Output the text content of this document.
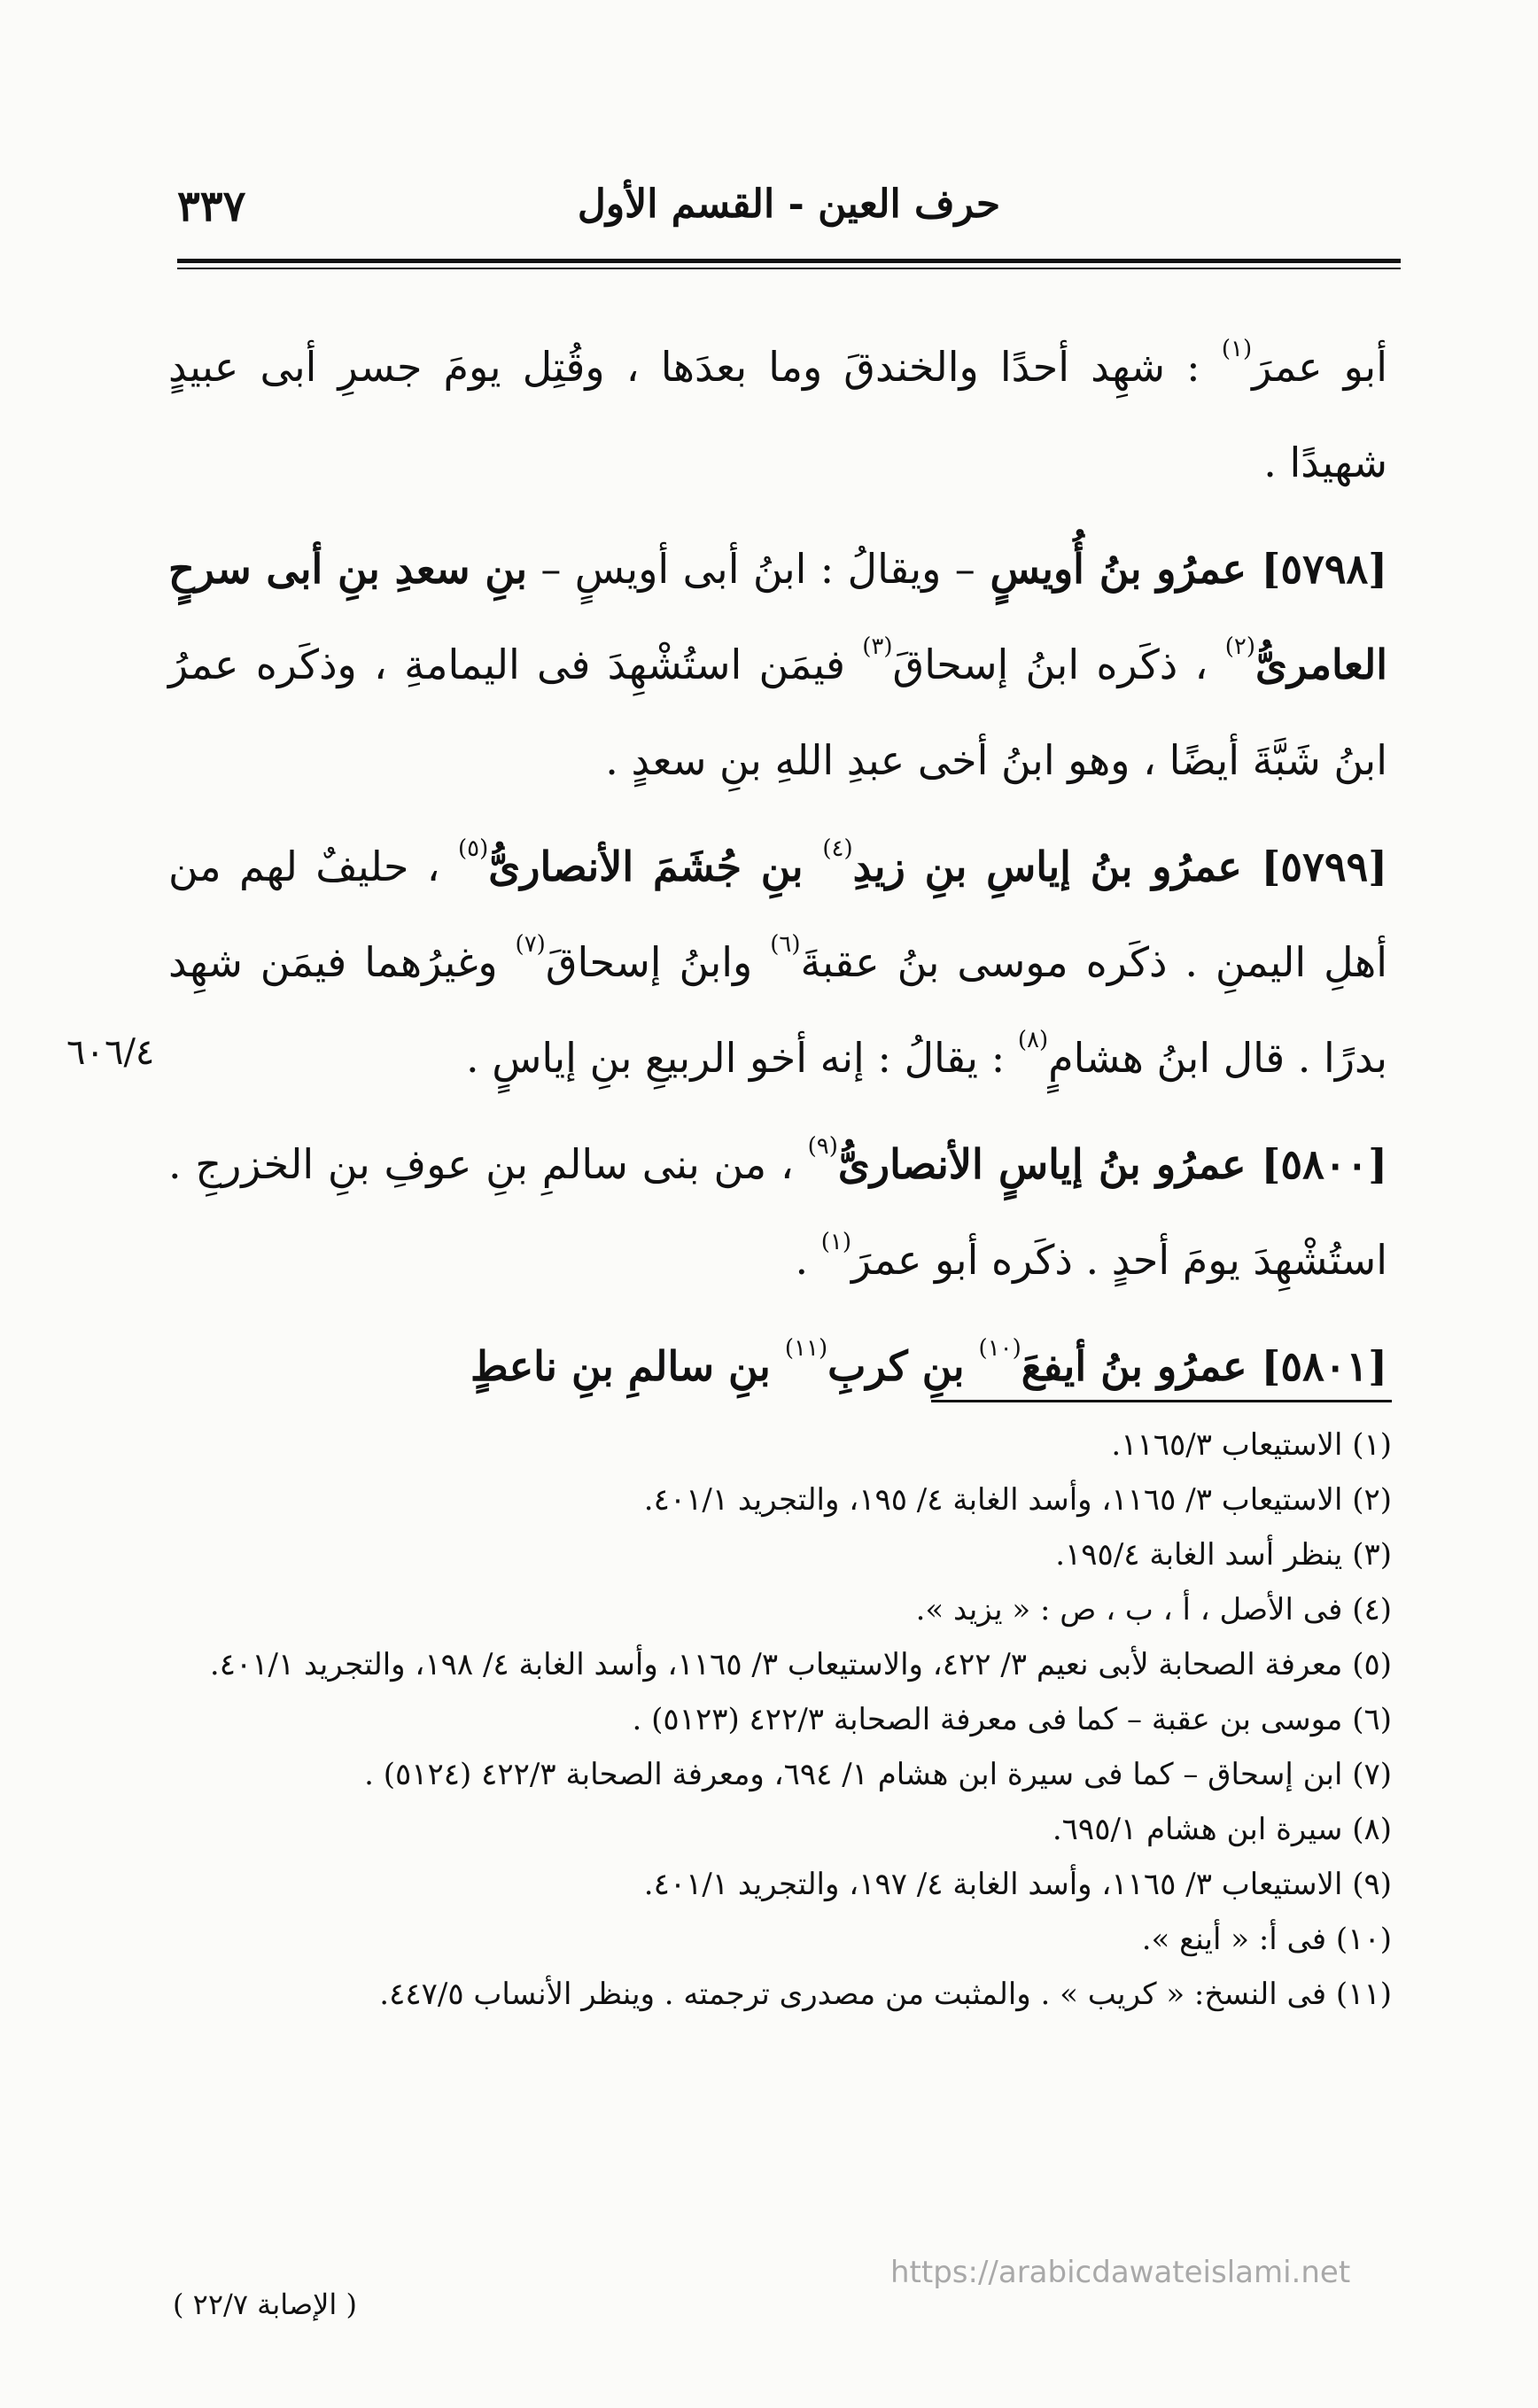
حرف العين - القسم الأول
٣٣٧
٦٠٦/٤

أبو عمرَ$^{(١)}$ : شهِد أحدًا والخندقَ وما بعدَها ، وقُتِل يومَ جسرِ أبى عبيدٍ شهيدًا .

[٥٧٩٨] عمرُو بنُ أُويسٍ – ويقالُ : ابنُ أبى أويسٍ – بنِ سعدِ بنِ أبى سرحٍ العامرىُّ$^{(٢)}$ ، ذكَره ابنُ إسحاقَ$^{(٣)}$ فيمَن استُشْهِدَ فى اليمامةِ ، وذكَره عمرُ ابنُ شَبَّةَ أيضًا ، وهو ابنُ أخى عبدِ اللهِ بنِ سعدٍ .

[٥٧٩٩] عمرُو بنُ إياسِ بنِ زيدِ$^{(٤)}$ بنِ جُشَمَ الأنصارىُّ$^{(٥)}$ ، حليفٌ لهم من أهلِ اليمنِ . ذكَره موسى بنُ عقبةَ$^{(٦)}$ وابنُ إسحاقَ$^{(٧)}$ وغيرُهما فيمَن شهِد بدرًا . قال ابنُ هشامٍ$^{(٨)}$ : يقالُ : إنه أخو الربيعِ بنِ إياسٍ .

[٥٨٠٠] عمرُو بنُ إياسٍ الأنصارىُّ$^{(٩)}$ ، من بنى سالمِ بنِ عوفِ بنِ الخزرجِ . استُشْهِدَ يومَ أحدٍ . ذكَره أبو عمرَ$^{(١)}$ .

[٥٨٠١] عمرُو بنُ أيفعَ$^{(١٠)}$ بنِ كربِ$^{(١١)}$ بنِ سالمِ بنِ ناعطٍ

(١) الاستيعاب ١١٦٥/٣.
(٢) الاستيعاب ٣/ ١١٦٥، وأسد الغابة ٤/ ١٩٥، والتجريد ٤٠١/١.
(٣) ينظر أسد الغابة ١٩٥/٤.
(٤) فى الأصل ، أ ، ب ، ص : « يزيد ».
(٥) معرفة الصحابة لأبى نعيم ٣/ ٤٢٢، والاستيعاب ٣/ ١١٦٥، وأسد الغابة ٤/ ١٩٨، والتجريد ٤٠١/١.
(٦) موسى بن عقبة – كما فى معرفة الصحابة ٤٢٢/٣ (٥١٢٣) .
(٧) ابن إسحاق – كما فى سيرة ابن هشام ١/ ٦٩٤، ومعرفة الصحابة ٤٢٢/٣ (٥١٢٤) .
(٨) سيرة ابن هشام ٦٩٥/١.
(٩) الاستيعاب ٣/ ١١٦٥، وأسد الغابة ٤/ ١٩٧، والتجريد ٤٠١/١.
(١٠) فى أ: « أينع ».
(١١) فى النسخ: « كريب » . والمثبت من مصدرى ترجمته . وينظر الأنساب ٤٤٧/٥.
https://arabicdawateislami.net
( الإصابة ٢٢/٧ )
